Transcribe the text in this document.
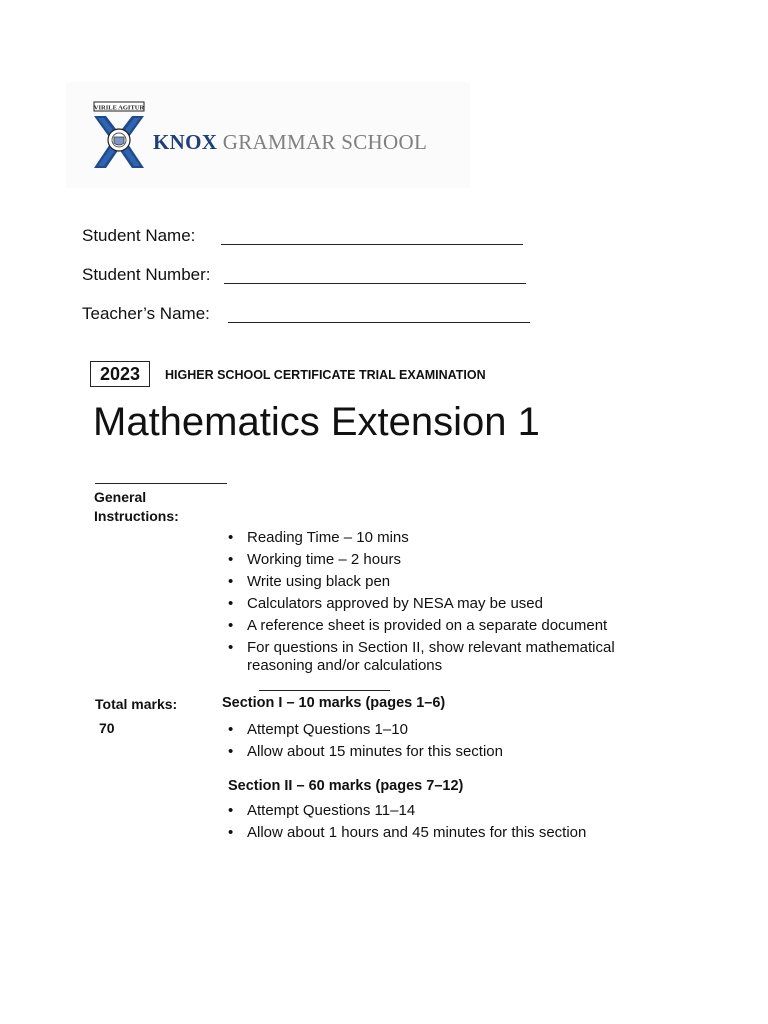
VIRILE AGITUR
KNOX GRAMMAR SCHOOL
Student Name:
Student Number:
Teacher’s Name:
2023	HIGHER SCHOOL CERTIFICATE TRIAL EXAMINATION
Mathematics Extension 1
General Instructions:
• Reading Time – 10 mins
• Working time – 2 hours
• Write using black pen
• Calculators approved by NESA may be used
• A reference sheet is provided on a separate document
• For questions in Section II, show relevant mathematical reasoning and/or calculations
Total marks:
70
Section I – 10 marks (pages 1–6)
• Attempt Questions 1–10
• Allow about 15 minutes for this section
Section II – 60 marks (pages 7–12)
• Attempt Questions 11–14
• Allow about 1 hours and 45 minutes for this section
